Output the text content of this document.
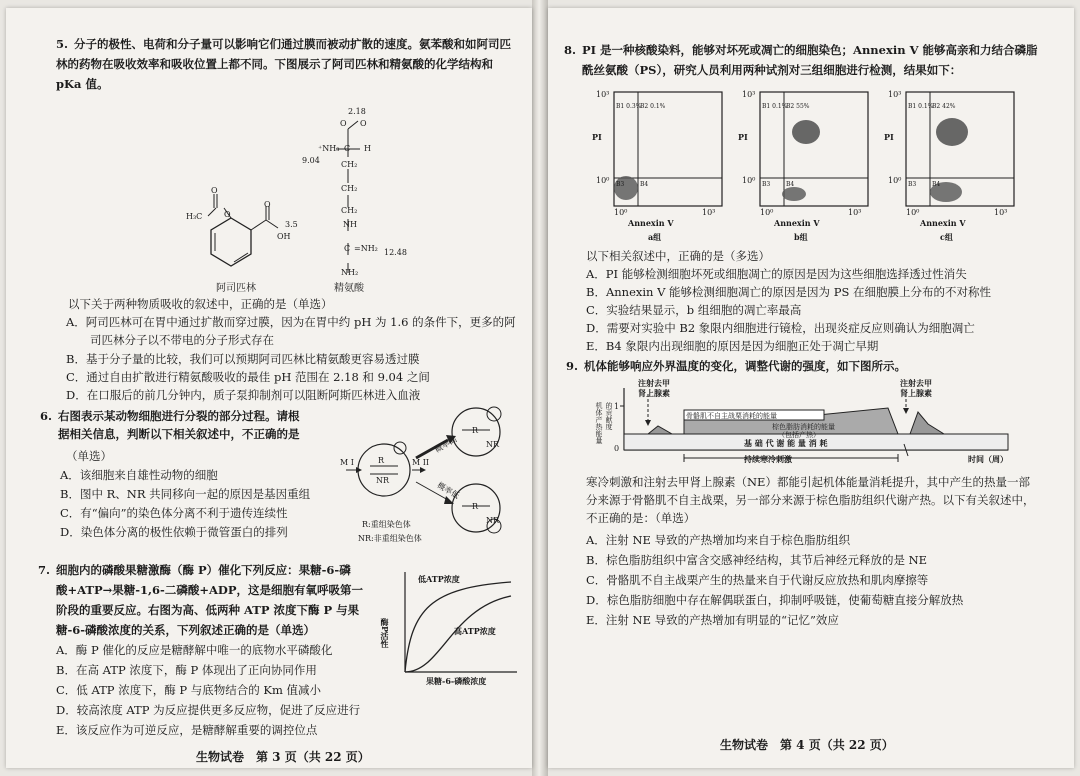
5. 分子的极性、电荷和分子量可以影响它们通过膜而被动扩散的速度。氨苯酸和如阿司匹
林的药物在吸收效率和吸收位置上都不同。下图展示了阿司匹林和精氨酸的化学结构和
pKa 值。
H₃C	O
O
O
OH
3.5
阿司匹林
2.18
O O
⁺NH₃ C H
9.04	CH₂
CH₂
CH₂
NH
C =NH₂ 12.48
NH₂
精氨酸
以下关于两种物质吸收的叙述中，正确的是（单选）
A．阿司匹林可在胃中通过扩散而穿过膜，因为在胃中约 pH 为 1.6 的条件下，更多的阿
司匹林分子以不带电的分子形式存在
B．基于分子量的比较，我们可以预期阿司匹林比精氨酸更容易透过膜
C．通过自由扩散进行精氨酸吸收的最佳 pH 范围在 2.18 和 9.04 之间
D．在口服后的前几分钟内，质子泵抑制剂可以阻断阿斯匹林进入血液
6. 右图表示某动物细胞进行分裂的部分过程。请根
据相关信息，判断以下相关叙述中，不正确的是
（单选）
A．该细胞来自雄性动物的细胞
B．图中 R、NR 共同移向一起的原因是基因重组
C．有“偏向”的染色体分离不利于遗传连续性
D．染色体分离的极性依赖于微管蛋白的排列
M I	M II
R
NR
概率高
概率低
R
NR
R
NR
R:重组染色体
NR:非重组染色体
7. 细胞内的磷酸果糖激酶（酶 P）催化下列反应：果糖-6-磷
酸+ATP→果糖-1,6-二磷酸+ADP，这是细胞有氧呼吸第一
阶段的重要反应。右图为高、低两种 ATP 浓度下酶 P 与果
糖-6-磷酸浓度的关系，下列叙述正确的是（单选）
A．酶 P 催化的反应是糖酵解中唯一的底物水平磷酸化
B．在高 ATP 浓度下，酶 P 体现出了正向协同作用
C．低 ATP 浓度下，酶 P 与底物结合的 Km 值减小
D．较高浓度 ATP 为反应提供更多反应物，促进了反应进行
E．该反应作为可逆反应，是糖酵解重要的调控位点
酶P活性
低ATP浓度
高ATP浓度
果糖-6-磷酸浓度
生物试卷　第 3 页（共 22 页）
8. PI 是一种核酸染料，能够对坏死或凋亡的细胞染色；Annexin V 能够高亲和力结合磷脂
酰丝氨酸（PS），研究人员利用两种试剂对三组细胞进行检测，结果如下：
10³
10⁰
PI
B1 0.3%
B2 0.1%
B3	B4
10⁰	10³
Annexin V
a组
10³
10⁰
PI
B1 0.1%
B2 55%
B3	B4
10⁰	10³
Annexin V
b组
10³
10⁰
PI
B1 0.1%
B2 42%
B3	B4
10⁰	10³
Annexin V
c组
以下相关叙述中，正确的是（多选）
A．PI 能够检测细胞坏死或细胞凋亡的原因是因为这些细胞选择透过性消失
B．Annexin V 能够检测细胞凋亡的原因是因为 PS 在细胞膜上分布的不对称性
C．实验结果显示，b 组细胞的凋亡率最高
D．需要对实验中 B2 象限内细胞进行镜检，出现炎症反应则确认为细胞凋亡
E．B4 象限内出现细胞的原因是因为细胞正处于凋亡早期
9. 机体能够响应外界温度的变化，调整代谢的强度，如下图所示。
注射去甲
肾上腺素
注射去甲
肾上腺素
机体产热能量 的贡献度 1
0
骨骼肌不自主战栗消耗的能量
棕色脂肪消耗的能量
（包括产热）
基 础 代 谢 能 量 消 耗
持续寒冷刺激	时间（周）
寒冷刺激和注射去甲肾上腺素（NE）都能引起机体能量消耗提升，其中产生的热量一部
分来源于骨骼肌不自主战栗，另一部分来源于棕色脂肪组织代谢产热。以下有关叙述中，
不正确的是：（单选）
A．注射 NE 导致的产热增加均来自于棕色脂肪组织
B．棕色脂肪组织中富含交感神经结构，其节后神经元释放的是 NE
C．骨骼肌不自主战栗产生的热量来自于代谢反应放热和肌肉摩擦等
D．棕色脂肪细胞中存在解偶联蛋白，抑制呼吸链，使葡萄糖直接分解放热
E．注射 NE 导致的产热增加有明显的“记忆”效应
生物试卷　第 4 页（共 22 页）
